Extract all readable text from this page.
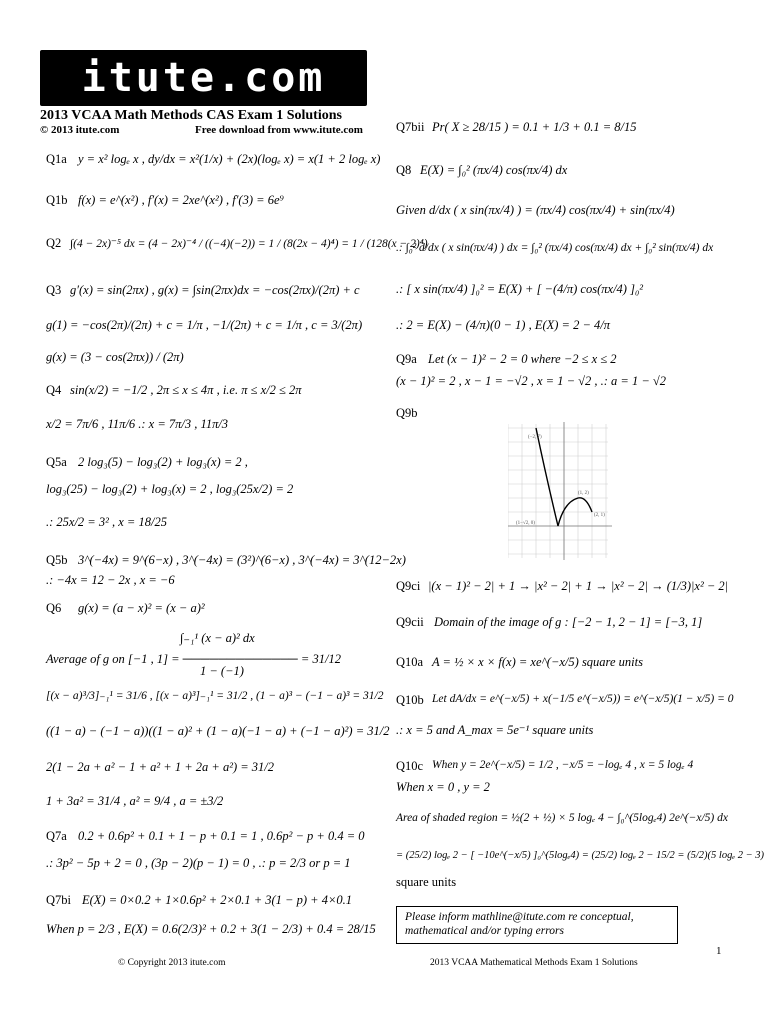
itute.com
2013 VCAA Math Methods CAS Exam 1 Solutions
© 2013 itute.com	Free download from www.itute.com
Q1a y = x² logₑ x , dy/dx = x²(1/x) + (2x)(logₑ x) = x(1 + 2 logₑ x)
Q1b f(x) = e^(x²) , f′(x) = 2xe^(x²) , f′(3) = 6e⁹
Q2 ∫(4 − 2x)⁻⁵ dx = (4 − 2x)⁻⁴ / ((−4)(−2)) = 1 / (8(2x − 4)⁴) = 1 / (128(x − 2)⁴)
Q3 g′(x) = sin(2πx) , g(x) = ∫sin(2πx)dx = −cos(2πx)/(2π) + c
g(1) = −cos(2π)/(2π) + c = 1/π , −1/(2π) + c = 1/π , c = 3/(2π)
g(x) = (3 − cos(2πx)) / (2π)
Q4 sin(x/2) = −1/2 , 2π ≤ x ≤ 4π , i.e. π ≤ x/2 ≤ 2π
x/2 = 7π/6 , 11π/6 .: x = 7π/3 , 11π/3
Q5a 2 log₃(5) − log₃(2) + log₃(x) = 2 ,
log₃(25) − log₃(2) + log₃(x) = 2 , log₃(25x/2) = 2
.: 25x/2 = 3² , x = 18/25
Q5b 3^(−4x) = 9^(6−x) , 3^(−4x) = (3²)^(6−x) , 3^(−4x) = 3^(12−2x)
.: −4x = 12 − 2x , x = −6
Q6 g(x) = (a − x)² = (x − a)²
∫₋₁¹ (x − a)² dx
Average of g on [−1 , 1] = ───────────── = 31/12
1 − (−1)
[(x − a)³/3]₋₁¹ = 31/6 , [(x − a)³]₋₁¹ = 31/2 , (1 − a)³ − (−1 − a)³ = 31/2
((1 − a) − (−1 − a))((1 − a)² + (1 − a)(−1 − a) + (−1 − a)²) = 31/2
2(1 − 2a + a² − 1 + a² + 1 + 2a + a²) = 31/2
1 + 3a² = 31/4 , a² = 9/4 , a = ±3/2
Q7a 0.2 + 0.6p² + 0.1 + 1 − p + 0.1 = 1 , 0.6p² − p + 0.4 = 0
.: 3p² − 5p + 2 = 0 , (3p − 2)(p − 1) = 0 , .: p = 2/3 or p = 1
Q7bi E(X) = 0×0.2 + 1×0.6p² + 2×0.1 + 3(1 − p) + 4×0.1
When p = 2/3 , E(X) = 0.6(2/3)² + 0.2 + 3(1 − 2/3) + 0.4 = 28/15
Q7bii Pr( X ≥ 28/15 ) = 0.1 + 1/3 + 0.1 = 8/15
Q8 E(X) = ∫₀² (πx/4) cos(πx/4) dx
Given d/dx ( x sin(πx/4) ) = (πx/4) cos(πx/4) + sin(πx/4)
.: ∫₀² d/dx ( x sin(πx/4) ) dx = ∫₀² (πx/4) cos(πx/4) dx + ∫₀² sin(πx/4) dx
.: [ x sin(πx/4) ]₀² = E(X) + [ −(4/π) cos(πx/4) ]₀²
.: 2 = E(X) − (4/π)(0 − 1) , E(X) = 2 − 4/π
Q9a Let (x − 1)² − 2 = 0 where −2 ≤ x ≤ 2
(x − 1)² = 2 , x − 1 = −√2 , x = 1 − √2 , .: a = 1 − √2
Q9b
(−2, 7)
(1, 2)
(2, 1)
(1−√2, 0)
Q9ci |(x − 1)² − 2| + 1 → |x² − 2| + 1 → |x² − 2| → (1/3)|x² − 2|
Q9cii Domain of the image of g : [−2 − 1, 2 − 1] = [−3, 1]
Q10a A = ½ × x × f(x) = xe^(−x/5) square units
Q10b Let dA/dx = e^(−x/5) + x(−1/5 e^(−x/5)) = e^(−x/5)(1 − x/5) = 0
.: x = 5 and A_max = 5e⁻¹ square units
Q10c When y = 2e^(−x/5) = 1/2 , −x/5 = −logₑ 4 , x = 5 logₑ 4
When x = 0 , y = 2
Area of shaded region = ½(2 + ½) × 5 logₑ 4 − ∫₀^(5logₑ4) 2e^(−x/5) dx
= (25/2) logₑ 2 − [ −10e^(−x/5) ]₀^(5logₑ4) = (25/2) logₑ 2 − 15/2 = (5/2)(5 logₑ 2 − 3)
square units
Please inform mathline@itute.com re conceptual, mathematical and/or typing errors
1
© Copyright 2013 itute.com	2013 VCAA Mathematical Methods Exam 1 Solutions
